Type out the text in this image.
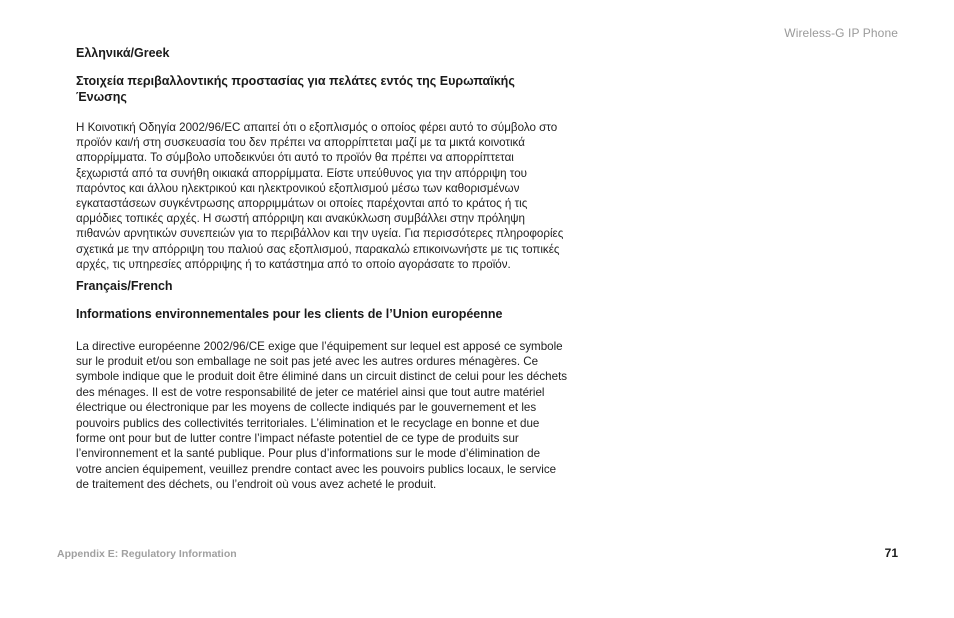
Wireless-G IP Phone

Ελληνικά/Greek

Στοιχεία περιβαλλοντικής προστασίας για πελάτες εντός της Ευρωπαϊκής Ένωσης

Η Κοινοτική Οδηγία 2002/96/EC απαιτεί ότι ο εξοπλισμός ο οποίος φέρει αυτό το σύμβολο στο προϊόν και/ή στη συσκευασία του δεν πρέπει να απορρίπτεται μαζί με τα μικτά κοινοτικά απορρίμματα. Το σύμβολο υποδεικνύει ότι αυτό το προϊόν θα πρέπει να απορρίπτεται ξεχωριστά από τα συνήθη οικιακά απορρίμματα. Είστε υπεύθυνος για την απόρριψη του παρόντος και άλλου ηλεκτρικού και ηλεκτρονικού εξοπλισμού μέσω των καθορισμένων εγκαταστάσεων συγκέντρωσης απορριμμάτων οι οποίες παρέχονται από το κράτος ή τις αρμόδιες τοπικές αρχές. Η σωστή απόρριψη και ανακύκλωση συμβάλλει στην πρόληψη πιθανών αρνητικών συνεπειών για το περιβάλλον και την υγεία. Για περισσότερες πληροφορίες σχετικά με την απόρριψη του παλιού σας εξοπλισμού, παρακαλώ επικοινωνήστε με τις τοπικές αρχές, τις υπηρεσίες απόρριψης ή το κατάστημα από το οποίο αγοράσατε το προϊόν.

Français/French

Informations environnementales pour les clients de l’Union européenne

La directive européenne 2002/96/CE exige que l’équipement sur lequel est apposé ce symbole sur le produit et/ou son emballage ne soit pas jeté avec les autres ordures ménagères. Ce symbole indique que le produit doit être éliminé dans un circuit distinct de celui pour les déchets des ménages. Il est de votre responsabilité de jeter ce matériel ainsi que tout autre matériel électrique ou électronique par les moyens de collecte indiqués par le gouvernement et les pouvoirs publics des collectivités territoriales. L’élimination et le recyclage en bonne et due forme ont pour but de lutter contre l’impact néfaste potentiel de ce type de produits sur l’environnement et la santé publique. Pour plus d’informations sur le mode d’élimination de votre ancien équipement, veuillez prendre contact avec les pouvoirs publics locaux, le service de traitement des déchets, ou l’endroit où vous avez acheté le produit.

Appendix E: Regulatory Information	71
